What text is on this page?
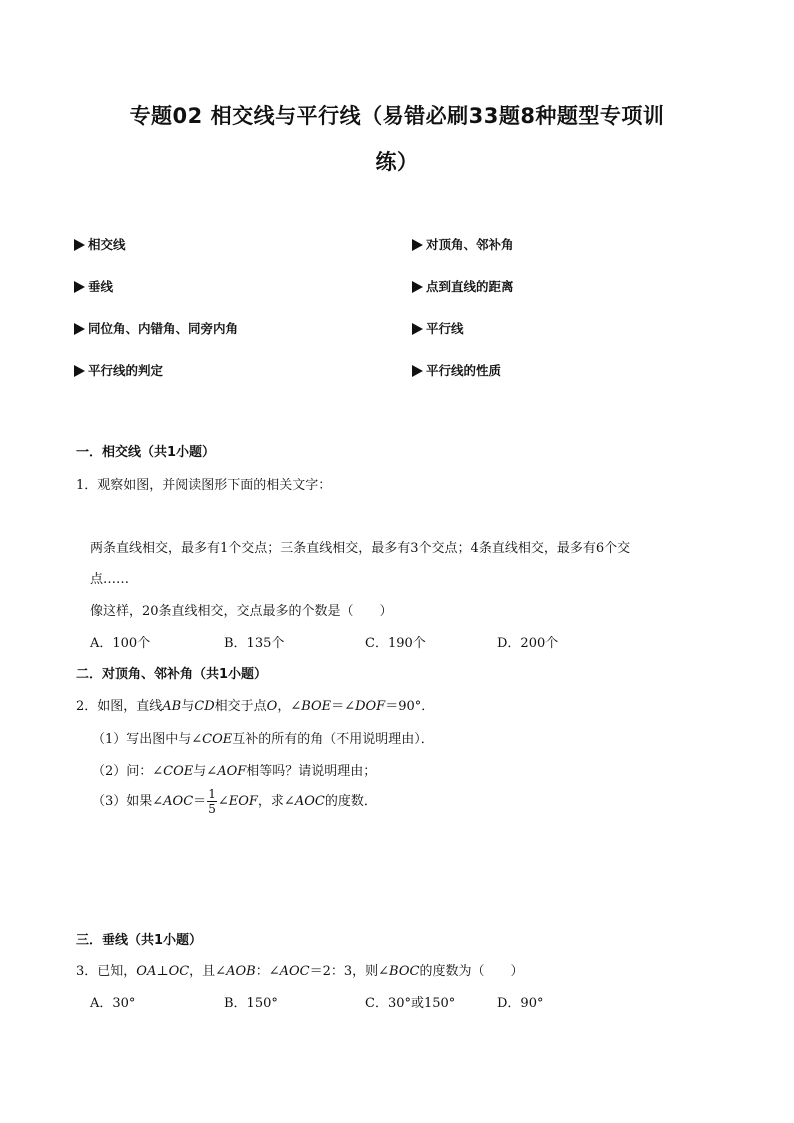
专题02 相交线与平行线（易错必刷33题8种题型专项训
练）
相交线	对顶角、邻补角
垂线	点到直线的距离
同位角、内错角、同旁内角	平行线
平行线的判定	平行线的性质
一．相交线（共1小题）
1．观察如图，并阅读图形下面的相关文字：
两条直线相交，最多有1个交点；三条直线相交，最多有3个交点；4条直线相交，最多有6个交
点……
像这样，20条直线相交，交点最多的个数是（　　）
A．100个	B．135个	C．190个	D．200个
二．对顶角、邻补角（共1小题）
2．如图，直线AB与CD相交于点O，∠BOE＝∠DOF＝90°．
（1）写出图中与∠COE互补的所有的角（不用说明理由）．
（2）问：∠COE与∠AOF相等吗？请说明理由；
（3）如果∠AOC＝ $\frac{1}{5}$ ∠EOF，求∠AOC的度数．
三．垂线（共1小题）
3．已知，OA⊥OC，且∠AOB：∠AOC＝2：3，则∠BOC的度数为（　　）
A．30°	B．150°	C．30°或150°	D．90°
